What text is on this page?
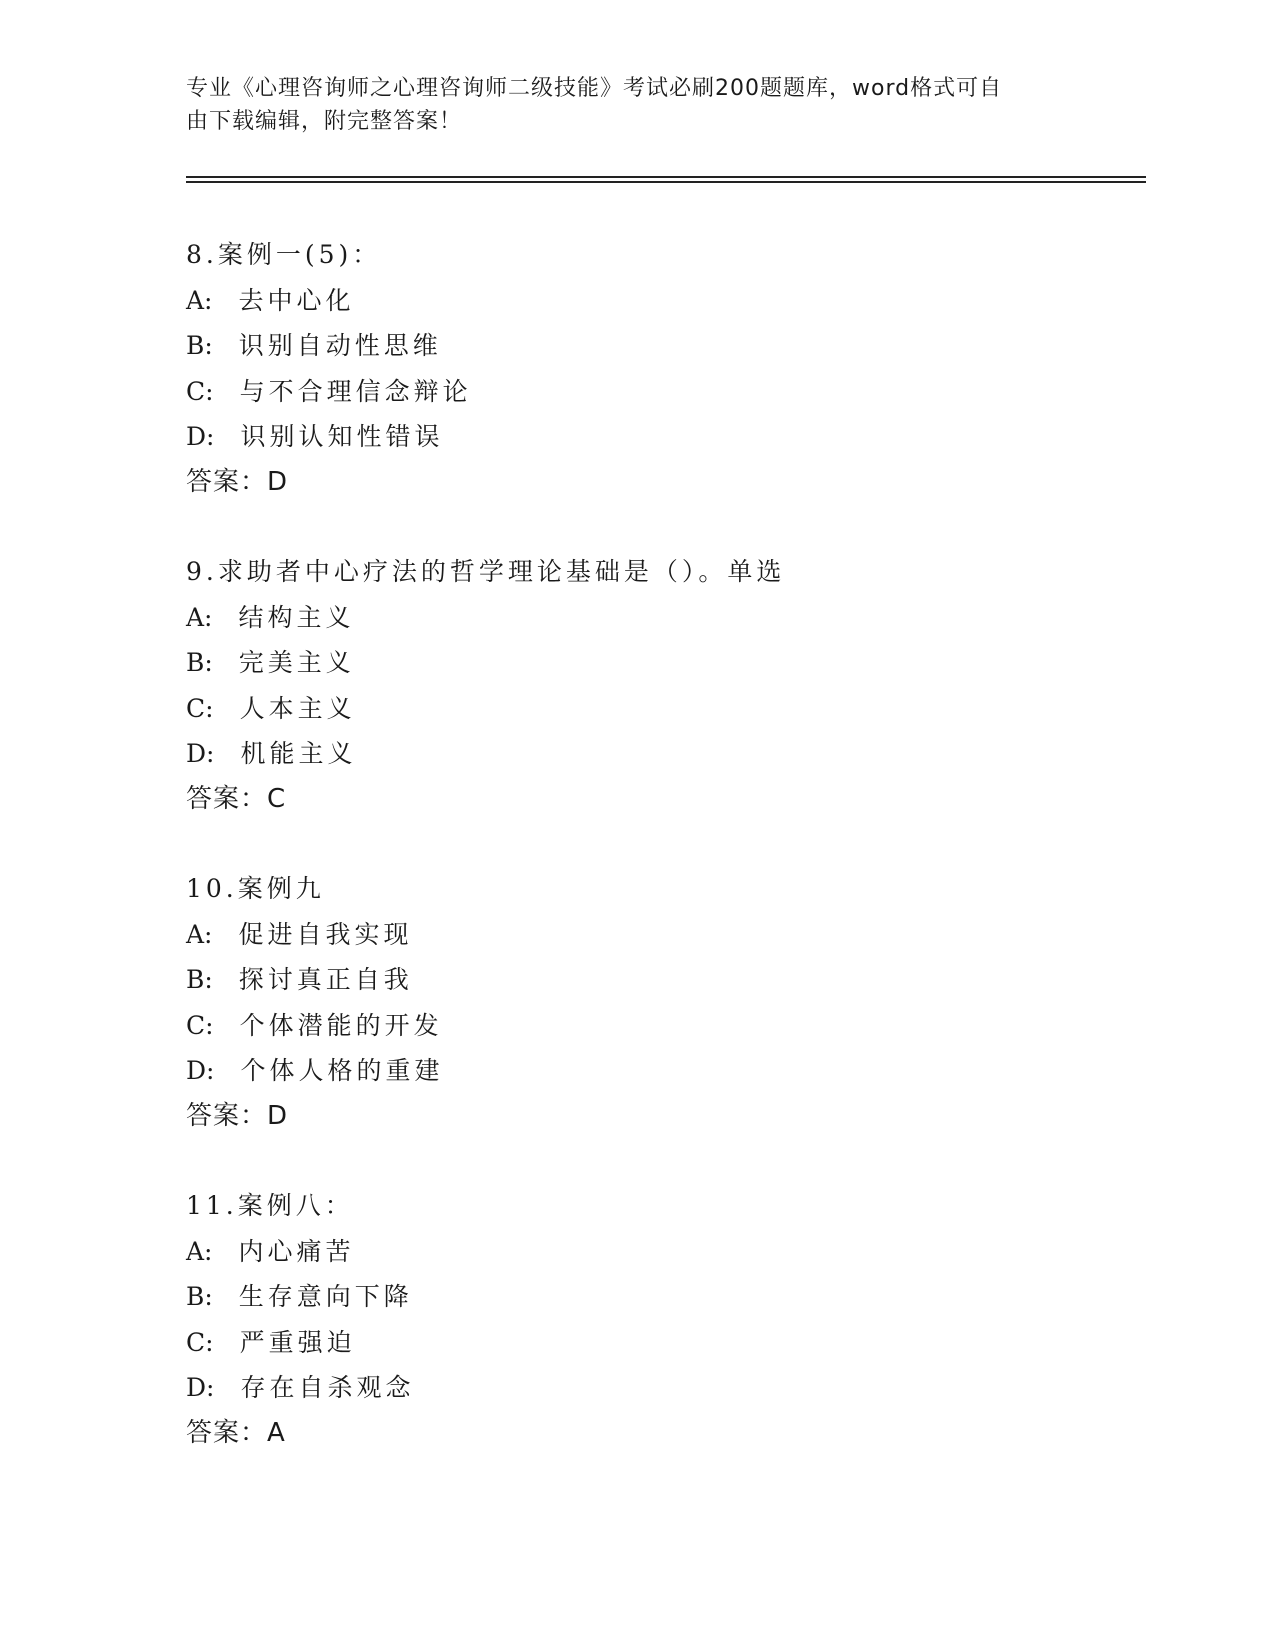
专业《心理咨询师之心理咨询师二级技能》考试必刷200题题库，word格式可自
由下载编辑，附完整答案！
8.案例一(5)：
A: 去中心化
B: 识别自动性思维
C: 与不合理信念辩论
D: 识别认知性错误
答案：D
9.求助者中心疗法的哲学理论基础是（）。单选
A: 结构主义
B: 完美主义
C: 人本主义
D: 机能主义
答案：C
10.案例九
A: 促进自我实现
B: 探讨真正自我
C: 个体潜能的开发
D: 个体人格的重建
答案：D
11.案例八：
A: 内心痛苦
B: 生存意向下降
C: 严重强迫
D: 存在自杀观念
答案：A
